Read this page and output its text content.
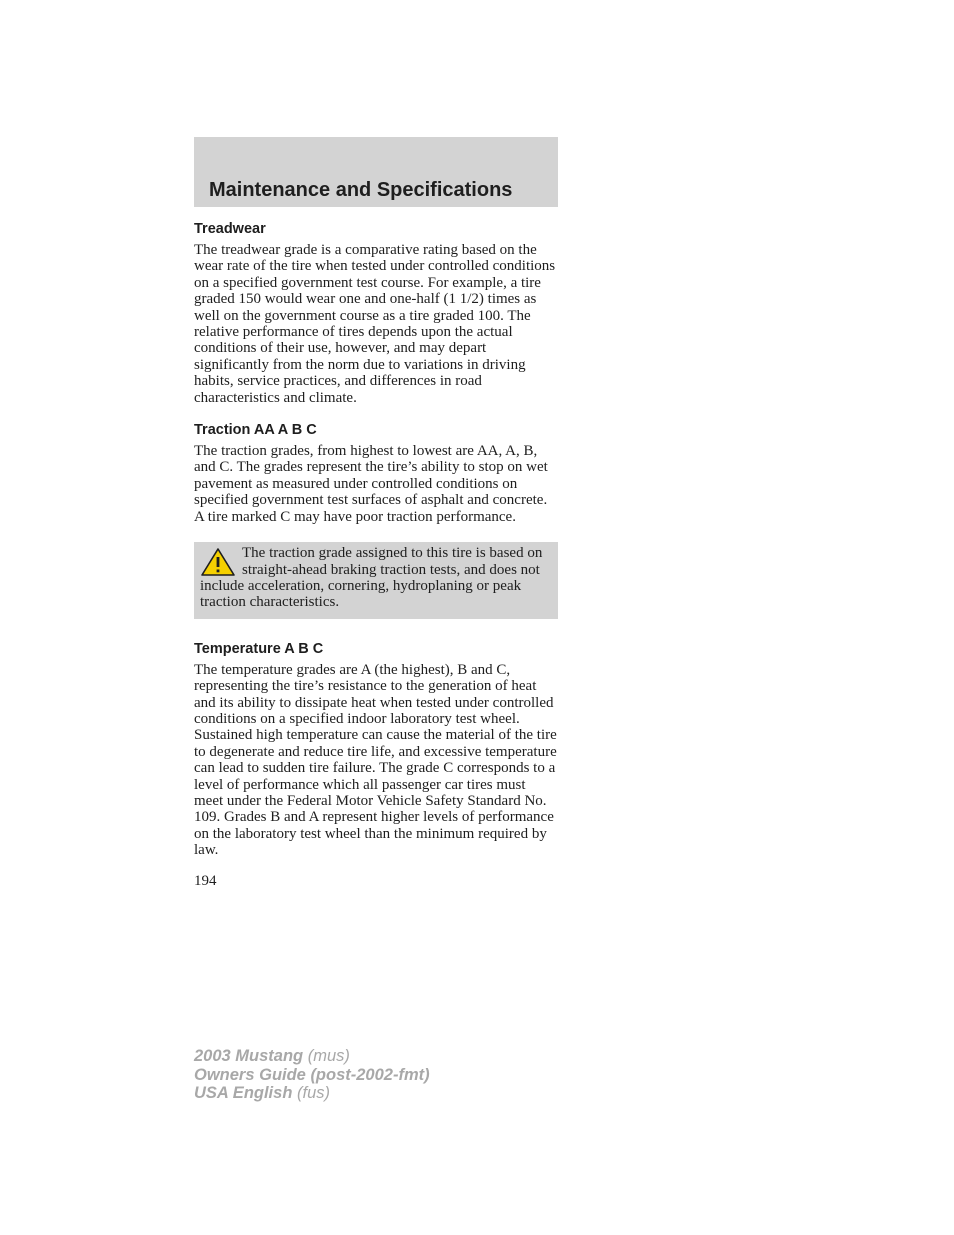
Maintenance and Specifications
Treadwear

The treadwear grade is a comparative rating based on the wear rate of the tire when tested under controlled conditions on a specified government test course. For example, a tire graded 150 would wear one and one-half (1 1/2) times as well on the government course as a tire graded 100. The relative performance of tires depends upon the actual conditions of their use, however, and may depart significantly from the norm due to variations in driving habits, service practices, and differences in road characteristics and climate.

Traction AA A B C

The traction grades, from highest to lowest are AA, A, B, and C. The grades represent the tire’s ability to stop on wet pavement as measured under controlled conditions on specified government test surfaces of asphalt and concrete. A tire marked C may have poor traction performance.

The traction grade assigned to this tire is based on straight-ahead braking traction tests, and does not include acceleration, cornering, hydroplaning or peak traction characteristics.

Temperature A B C

The temperature grades are A (the highest), B and C, representing the tire’s resistance to the generation of heat and its ability to dissipate heat when tested under controlled conditions on a specified indoor laboratory test wheel. Sustained high temperature can cause the material of the tire to degenerate and reduce tire life, and excessive temperature can lead to sudden tire failure. The grade C corresponds to a level of performance which all passenger car tires must meet under the Federal Motor Vehicle Safety Standard No. 109. Grades B and A represent higher levels of performance on the laboratory test wheel than the minimum required by law.

194

2003 Mustang (mus)
Owners Guide (post-2002-fmt)
USA English (fus)
